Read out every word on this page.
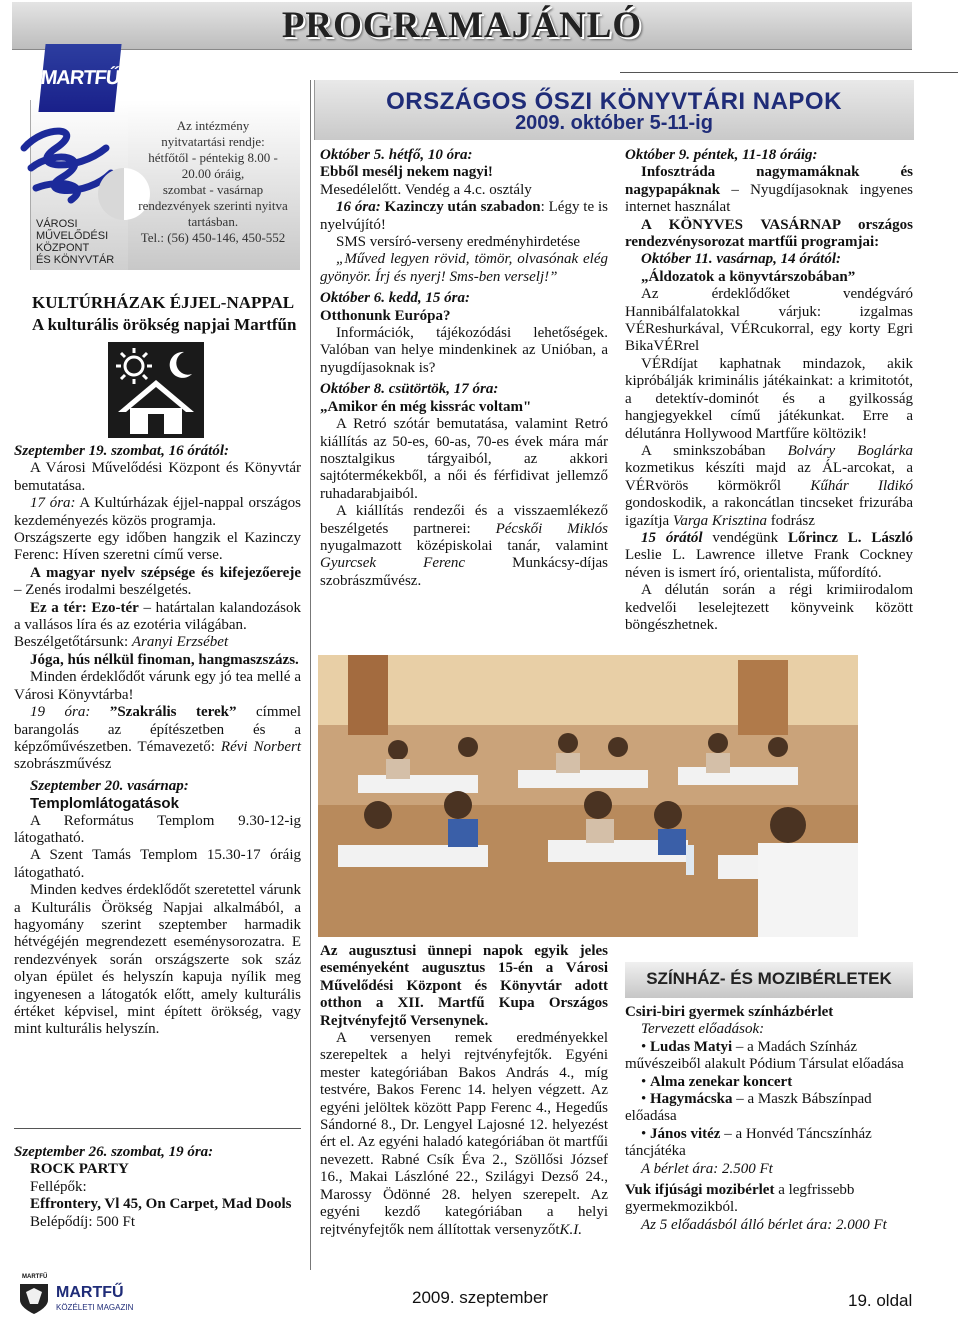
PROGRAMAJÁNLÓ
MARTFŰ
VÁROSI
MŰVELŐDÉSI
KÖZPONT
ÉS KÖNYVTÁR
Az intézmény
nyitvatartási rendje:
hétfőtől - péntekig 8.00 -
20.00 óráig,
szombat - vasárnap
rendezvények szerinti nyitva
tartásban.
Tel.: (56) 450-146, 450-552
KULTÚRHÁZAK ÉJJEL-NAPPAL
A kulturális örökség napjai Martfűn

Szeptember 19. szombat, 16 órától:

A Városi Művelődési Központ és Könyvtár bemutatása.

17 óra: A Kultúrházak éjjel-nappal országos kezdeményezés közös programja.

Országszerte egy időben hangzik el Kazinczy Ferenc: Híven szeretni című verse.

A magyar nyelv szépsége és kifejezőereje – Zenés irodalmi beszélgetés.

Ez a tér: Ezo-tér – határtalan kalandozások a vallásos líra és az ezotéria világában.

Beszélgetőtársunk: Aranyi Erzsébet

Jóga, hús nélkül finoman, hangmaszszázs.

Minden érdeklődőt várunk egy jó tea mellé a Városi Könyvtárba!

19 óra: ”Szakrális terek” címmel barangolás az építészetben és a képzőművészetben. Témavezető: Révi Norbert szobrászművész

Szeptember 20. vasárnap:

Templomlátogatások

A Református Templom 9.30-12-ig látogatható.

A Szent Tamás Templom 15.30-17 óráig látogatható.

Minden kedves érdeklődőt szeretettel várunk a Kulturális Örökség Napjai alkalmából, a hagyomány szerint szeptember harmadik hétvégéjén megrendezett eseménysorozatra. E rendezvények során országszerte sok száz olyan épület és helyszín kapuja nyílik meg ingyenesen a látogatók előtt, amely kulturális értéket képvisel, mint épített örökség, vagy mint kulturális helyszín.

Szeptember 26. szombat, 19 óra:

ROCK PARTY

Fellépők:

Effrontery, Vl 45, On Carpet, Mad Dools

Belépődíj: 500 Ft

ORSZÁGOS ŐSZI KÖNYVTÁRI NAPOK
2009. október 5-11-ig

Október 5. hétfő, 10 óra:

Ebből mesélj nekem nagyi!

Mesedélelőtt. Vendég a 4.c. osztály

16 óra: Kazinczy után szabadon: Légy te is nyelvújító!

SMS versíró-verseny eredményhirdetése

„Műved legyen rövid, tömör, olvasónak elég gyönyör. Írj és nyerj! Sms-ben verselj!”

Október 6. kedd, 15 óra:

Otthonunk Európa?

Információk, tájékozódási lehetőségek. Valóban van helye mindenkinek az Unióban, a nyugdíjasoknak is?

Október 8. csütörtök, 17 óra:

„Amikor én még kissrác voltam"

A Retró szótár bemutatása, valamint Retró kiállítás az 50-es, 60-as, 70-es évek mára már nosztalgikus tárgyaiból, az akkori sajtótermékekből, a női és férfidivat jellemző ruhadarabjaiból.

A kiállítás rendezői és a visszaemlékező beszélgetés partnerei: Pécskői Miklós nyugalmazott középiskolai tanár, valamint Gyurcsek Ferenc Munkácsy-díjas szobrászművész.

Október 9. péntek, 11-18 óráig:

Infosztráda nagymamáknak és nagypapáknak – Nyugdíjasoknak ingyenes internet használat

A KÖNYVES VASÁRNAP országos rendezvénysorozat martfűi programjai:

Október 11. vasárnap, 14 órától:

„Áldozatok a könyvtárszobában”

Az érdeklődőket vendégváró Hannibálfalatokkal várjuk: izgalmas VÉReshurkával, VÉRcukorral, egy korty Egri BikaVÉRrel

VÉRdíjat kaphatnak mindazok, akik kipróbálják kriminális játékainkat: a krimitotót, a detektív-dominót és a gyilkosság hangjegyekkel című játékunkat. Erre a délutánra Hollywood Martfűre költözik!

A sminkszobában Bolváry Boglárka kozmetikus készíti majd az ÁL-arcokat, a VÉRvörös körmökről Kűhár Ildikó gondoskodik, a rakoncátlan tincseket frizurába igazítja Varga Krisztina fodrász

15 órától vendégünk Lőrincz L. László Leslie L. Lawrence illetve Frank Cockney néven is ismert író, orientalista, műfordító.

A délután során a régi krimiirodalom kedvelői leselejtezett könyveink között böngészhetnek.

Az augusztusi ünnepi napok egyik jeles eseményeként augusztus 15-én a Városi Művelődési Központ és Könyvtár adott otthon a XII. Martfű Kupa Országos Rejtvényfejtő Versenynek.

A versenyen remek eredményekkel szerepeltek a helyi rejtvényfejtők. Egyéni mester kategóriában Bakos András 4., míg testvére, Bakos Ferenc 14. helyen végzett. Az egyéni jelöltek között Papp Ferenc 4., Hegedűs Sándorné 8., Dr. Lengyel Lajosné 12. helyezést ért el. Az egyéni haladó kategóriában öt martfűi nevezett. Rabné Csík Éva 2., Szöllősi József 16., Makai Lászlóné 22., Szilágyi Dezső 24., Marossy Ödönné 28. helyen szerepelt. Az egyéni kezdő kategóriában a helyi rejtvényfejtők nem állítottak versenyzőt.

K.I.

SZÍNHÁZ- ÉS MOZIBÉRLETEK

Csiri-biri gyermek színházbérlet

Tervezett előadások:

• Ludas Matyi – a Madách Színház művészeiből alakult Pódium Társulat előadása

• Alma zenekar koncert

• Hagymácska – a Maszk Bábszínpad előadása

• János vitéz – a Honvéd Táncszínház táncjátéka

A bérlet ára: 2.500 Ft

Vuk ifjúsági mozibérlet a legfrissebb gyermekmozikból.

Az 5 előadásból álló bérlet ára: 2.000 Ft

MARTFŰ
MARTFŰ
KÖZÉLETI MAGAZIN
2009. szeptember	19. oldal
